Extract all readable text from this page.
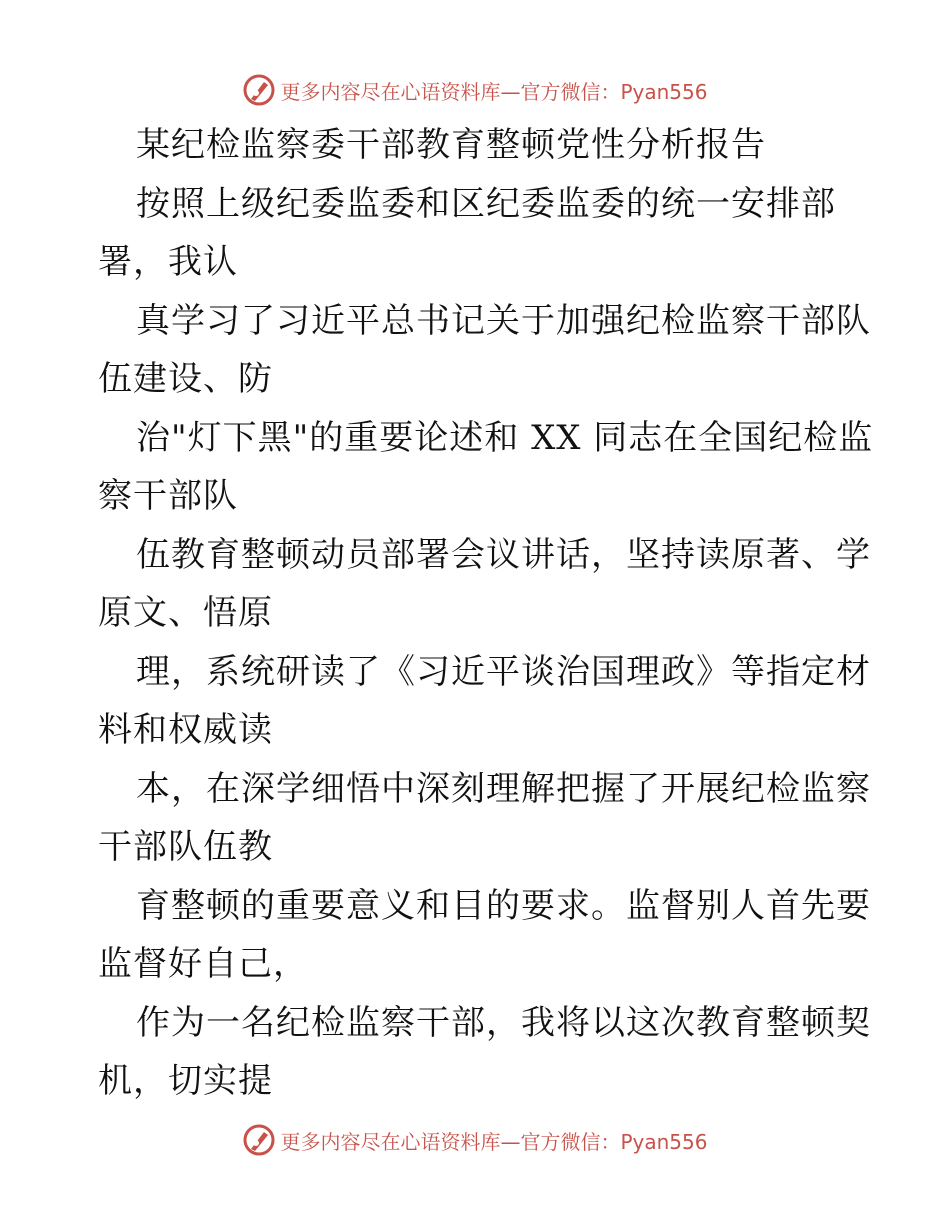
更多内容尽在心语资料库—官方微信：Pyan556
某纪检监察委干部教育整顿党性分析报告
按照上级纪委监委和区纪委监委的统一安排部
署，我认
真学习了习近平总书记关于加强纪检监察干部队
伍建设、防
治"灯下黑"的重要论述和 XX 同志在全国纪检监
察干部队
伍教育整顿动员部署会议讲话，坚持读原著、学
原文、悟原
理，系统研读了《习近平谈治国理政》等指定材
料和权威读
本，在深学细悟中深刻理解把握了开展纪检监察
干部队伍教
育整顿的重要意义和目的要求。监督别人首先要
监督好自己，
作为一名纪检监察干部，我将以这次教育整顿契
机，切实提
更多内容尽在心语资料库—官方微信：Pyan556
